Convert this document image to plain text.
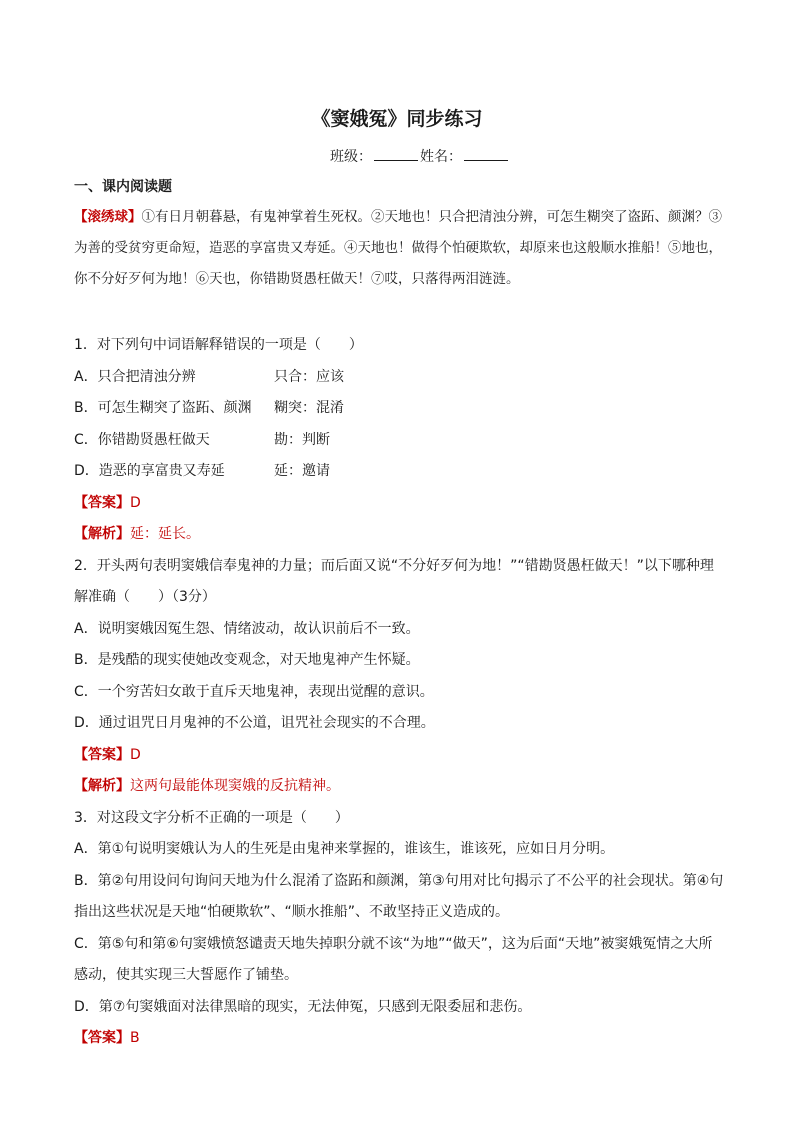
《窦娥冤》同步练习
班级：	姓名：
一、课内阅读题
【滚绣球】①有日月朝暮悬，有鬼神掌着生死权。②天地也！只合把清浊分辨，可怎生糊突了盗跖、颜渊？③为善的受贫穷更命短，造恶的享富贵又寿延。④天地也！做得个怕硬欺软，却原来也这般顺水推船！⑤地也，你不分好歹何为地！⑥天也，你错勘贤愚枉做天！⑦哎，只落得两泪涟涟。
1．对下列句中词语解释错误的一项是（　　）
A．只合把清浊分辨	只合：应该
B．可怎生糊突了盗跖、颜渊 糊突：混淆
C．你错勘贤愚枉做天	勘：判断
D．造恶的享富贵又寿延	延：邀请
【答案】D
【解析】延：延长。
2．开头两句表明窦娥信奉鬼神的力量；而后面又说“不分好歹何为地！”“错勘贤愚枉做天！”以下哪种理解准确（　　）（3分）
A．说明窦娥因冤生怨、情绪波动，故认识前后不一致。
B．是残酷的现实使她改变观念，对天地鬼神产生怀疑。
C．一个穷苦妇女敢于直斥天地鬼神，表现出觉醒的意识。
D．通过诅咒日月鬼神的不公道，诅咒社会现实的不合理。
【答案】D
【解析】这两句最能体现窦娥的反抗精神。
3．对这段文字分析不正确的一项是（　　）
A．第①句说明窦娥认为人的生死是由鬼神来掌握的，谁该生，谁该死，应如日月分明。
B．第②句用设问句询问天地为什么混淆了盗跖和颜渊，第③句用对比句揭示了不公平的社会现状。第④句指出这些状况是天地“怕硬欺软”、“顺水推船”、不敢坚持正义造成的。
C．第⑤句和第⑥句窦娥愤怒谴责天地失掉职分就不该“为地”“做天”，这为后面“天地”被窦娥冤情之大所感动，使其实现三大誓愿作了铺垫。
D．第⑦句窦娥面对法律黑暗的现实，无法伸冤，只感到无限委屈和悲伤。
【答案】B
